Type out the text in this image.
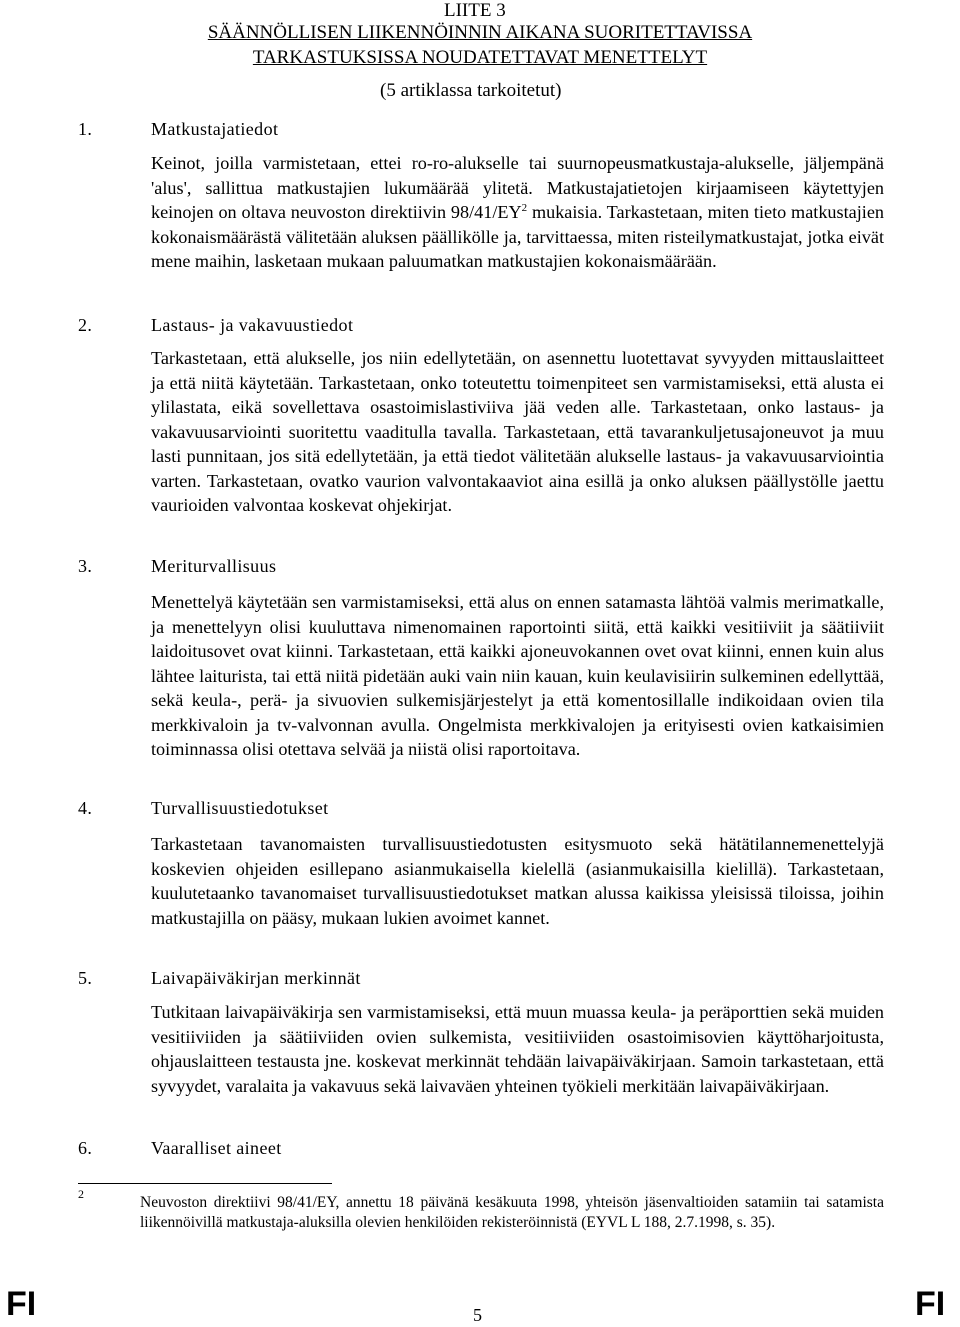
LIITE 3
SÄÄNNÖLLISEN LIIKENNÖINNIN AIKANA SUORITETTAVISSA
TARKASTUKSISSA NOUDATETTAVAT MENETTELYT
(5 artiklassa tarkoitetut)
1.	Matkustajatiedot

Keinot, joilla varmistetaan, ettei ro-ro-alukselle tai suurnopeusmatkustaja-alukselle, jäljempänä 'alus', sallittua matkustajien lukumäärää ylitetä. Matkustajatietojen kirjaamiseen käytettyjen keinojen on oltava neuvoston direktiivin $98/41/EY^2$ mukaisia. Tarkastetaan, miten tieto matkustajien kokonaismäärästä välitetään aluksen päällikölle ja, tarvittaessa, miten risteilymatkustajat, jotka eivät mene maihin, lasketaan mukaan paluumatkan matkustajien kokonaismäärään.

2.	Lastaus- ja vakavuustiedot

Tarkastetaan, että alukselle, jos niin edellytetään, on asennettu luotettavat syvyyden mittauslaitteet ja että niitä käytetään. Tarkastetaan, onko toteutettu toimenpiteet sen varmistamiseksi, että alusta ei ylilastata, eikä sovellettava osastoimislastiviiva jää veden alle. Tarkastetaan, onko lastaus- ja vakavuusarviointi suoritettu vaaditulla tavalla. Tarkastetaan, että tavarankuljetusajoneuvot ja muu lasti punnitaan, jos sitä edellytetään, ja että tiedot välitetään alukselle lastaus- ja vakavuusarviointia varten. Tarkastetaan, ovatko vaurion valvontakaaviot aina esillä ja onko aluksen päällystölle jaettu vaurioiden valvontaa koskevat ohjekirjat.

3.	Meriturvallisuus

Menettelyä käytetään sen varmistamiseksi, että alus on ennen satamasta lähtöä valmis merimatkalle, ja menettelyyn olisi kuuluttava nimenomainen raportointi siitä, että kaikki vesitiiviit ja säätiiviit laidoitusovet ovat kiinni. Tarkastetaan, että kaikki ajoneuvokannen ovet ovat kiinni, ennen kuin alus lähtee laiturista, tai että niitä pidetään auki vain niin kauan, kuin keulavisiirin sulkeminen edellyttää, sekä keula-, perä- ja sivuovien sulkemisjärjestelyt ja että komentosillalle indikoidaan ovien tila merkkivaloin ja tv-valvonnan avulla. Ongelmista merkkivalojen ja erityisesti ovien katkaisimien toiminnassa olisi otettava selvää ja niistä olisi raportoitava.

4.	Turvallisuustiedotukset

Tarkastetaan tavanomaisten turvallisuustiedotusten esitysmuoto sekä hätätilannemenettelyjä koskevien ohjeiden esillepano asianmukaisella kielellä (asianmukaisilla kielillä). Tarkastetaan, kuulutetaanko tavanomaiset turvallisuustiedotukset matkan alussa kaikissa yleisissä tiloissa, joihin matkustajilla on pääsy, mukaan lukien avoimet kannet.

5.	Laivapäiväkirjan merkinnät

Tutkitaan laivapäiväkirja sen varmistamiseksi, että muun muassa keula- ja peräporttien sekä muiden vesitiiviiden ja säätiiviiden ovien sulkemista, vesitiiviiden osastoimisovien käyttöharjoitusta, ohjauslaitteen testausta jne. koskevat merkinnät tehdään laivapäiväkirjaan. Samoin tarkastetaan, että syvyydet, varalaita ja vakavuus sekä laivaväen yhteinen työkieli merkitään laivapäiväkirjaan.

6.	Vaaralliset aineet
2	Neuvoston direktiivi 98/41/EY, annettu 18 päivänä kesäkuuta 1998, yhteisön jäsenvaltioiden satamiin tai satamista liikennöivillä matkustaja-aluksilla olevien henkilöiden rekisteröinnistä (EYVL L 188, 2.7.1998, s. 35).
FI	5	FI
